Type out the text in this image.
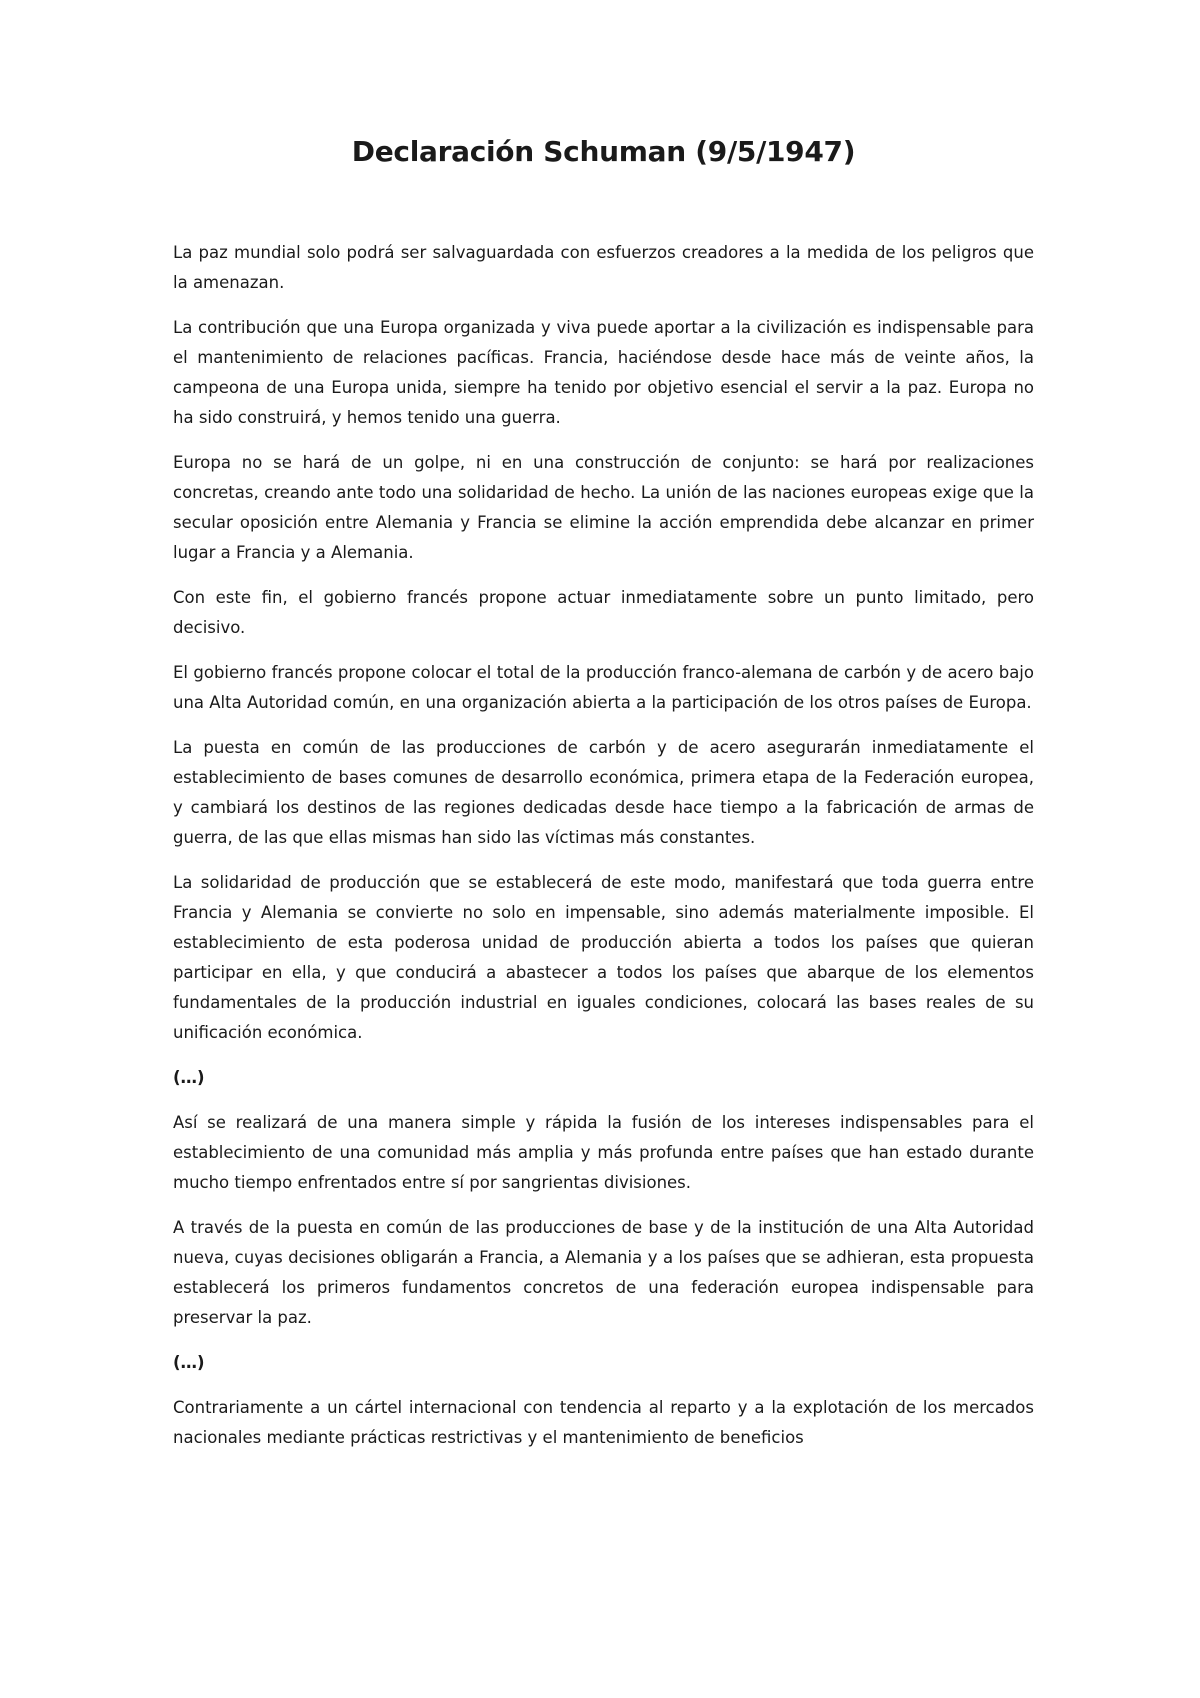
Declaración Schuman (9/5/1947)

La paz mundial solo podrá ser salvaguardada con esfuerzos creadores a la medida de los peligros que la amenazan.

La contribución que una Europa organizada y viva puede aportar a la civilización es indispensable para el mantenimiento de relaciones pacíficas. Francia, haciéndose desde hace más de veinte años, la campeona de una Europa unida, siempre ha tenido por objetivo esencial el servir a la paz. Europa no ha sido construirá, y hemos tenido una guerra.

Europa no se hará de un golpe, ni en una construcción de conjunto: se hará por realizaciones concretas, creando ante todo una solidaridad de hecho. La unión de las naciones europeas exige que la secular oposición entre Alemania y Francia se elimine la acción emprendida debe alcanzar en primer lugar a Francia y a Alemania.

Con este fin, el gobierno francés propone actuar inmediatamente sobre un punto limitado, pero decisivo.

El gobierno francés propone colocar el total de la producción franco-alemana de carbón y de acero bajo una Alta Autoridad común, en una organización abierta a la participación de los otros países de Europa.

La puesta en común de las producciones de carbón y de acero asegurarán inmediatamente el establecimiento de bases comunes de desarrollo económica, primera etapa de la Federación europea, y cambiará los destinos de las regiones dedicadas desde hace tiempo a la fabricación de armas de guerra, de las que ellas mismas han sido las víctimas más constantes.

La solidaridad de producción que se establecerá de este modo, manifestará que toda guerra entre Francia y Alemania se convierte no solo en impensable, sino además materialmente imposible. El establecimiento de esta poderosa unidad de producción abierta a todos los países que quieran participar en ella, y que conducirá a abastecer a todos los países que abarque de los elementos fundamentales de la producción industrial en iguales condiciones, colocará las bases reales de su unificación económica.

(…)

Así se realizará de una manera simple y rápida la fusión de los intereses indispensables para el establecimiento de una comunidad más amplia y más profunda entre países que han estado durante mucho tiempo enfrentados entre sí por sangrientas divisiones.

A través de la puesta en común de las producciones de base y de la institución de una Alta Autoridad nueva, cuyas decisiones obligarán a Francia, a Alemania y a los países que se adhieran, esta propuesta establecerá los primeros fundamentos concretos de una federación europea indispensable para preservar la paz.

(…)

Contrariamente a un cártel internacional con tendencia al reparto y a la explotación de los mercados nacionales mediante prácticas restrictivas y el mantenimiento de beneficios
